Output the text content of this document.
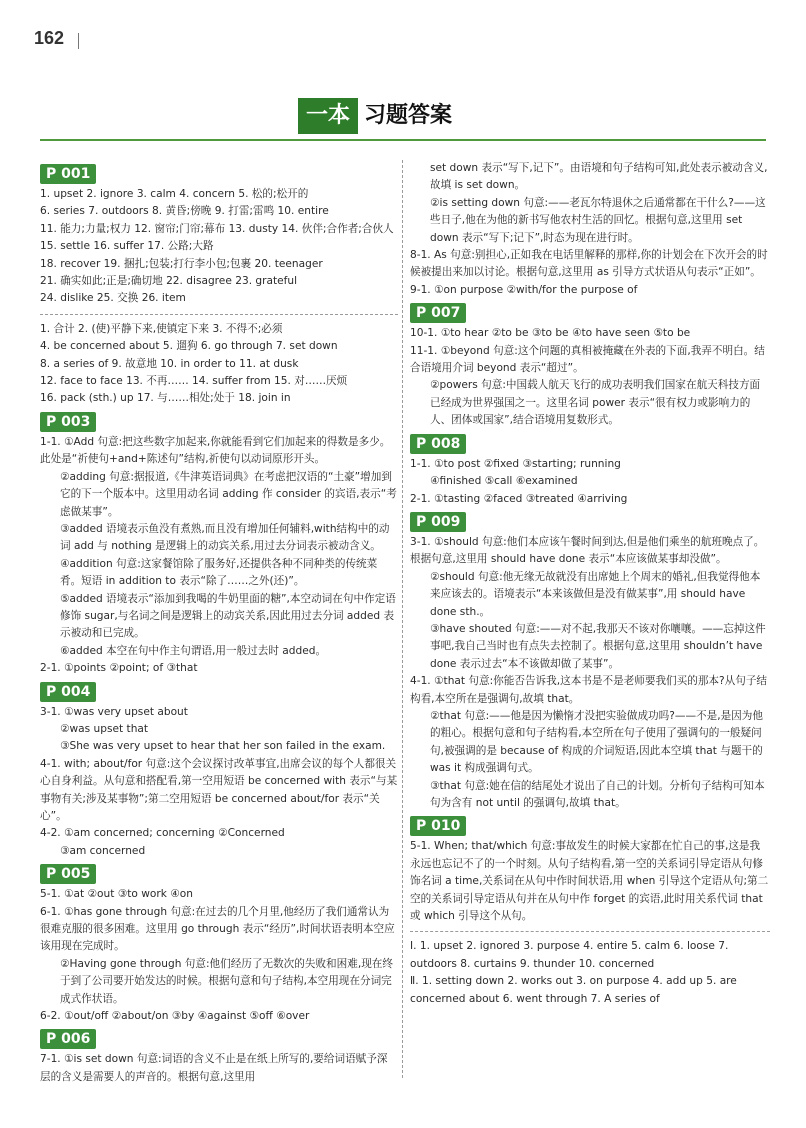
162
一本 习题答案
P 001
1. upset 2. ignore 3. calm 4. concern 5. 松的;松开的
6. series 7. outdoors 8. 黄昏;傍晚 9. 打雷;雷鸣 10. entire
11. 能力;力量;权力 12. 窗帘;门帘;幕布 13. dusty 14. 伙伴;合作者;合伙人 15. settle 16. suffer 17. 公路;大路
18. recover 19. 捆扎;包装;打行李小包;包裹 20. teenager
21. 确实如此;正是;确切地 22. disagree 23. grateful
24. dislike 25. 交换 26. item
1. 合计 2. (使)平静下来,使镇定下来 3. 不得不;必须
4. be concerned about 5. 遛狗 6. go through 7. set down
8. a series of 9. 故意地 10. in order to 11. at dusk
12. face to face 13. 不再…… 14. suffer from 15. 对……厌烦
16. pack (sth.) up 17. 与……相处;处于 18. join in
P 003
1-1. ①Add 句意:把这些数字加起来,你就能看到它们加起来的得数是多少。此处是“祈使句+and+陈述句”结构,祈使句以动词原形开头。
②adding 句意:据报道,《牛津英语词典》在考虑把汉语的“土豪”增加到它的下一个版本中。这里用动名词 adding 作 consider 的宾语,表示“考虑做某事”。
③added 语境表示鱼没有煮熟,而且没有增加任何辅料,with结构中的动词 add 与 nothing 是逻辑上的动宾关系,用过去分词表示被动含义。
④addition 句意:这家餐馆除了服务好,还提供各种不同种类的传统菜肴。短语 in addition to 表示“除了……之外(还)”。
⑤added 语境表示“添加到我喝的牛奶里面的糖”,本空动词在句中作定语修饰 sugar,与名词之间是逻辑上的动宾关系,因此用过去分词 added 表示被动和已完成。
⑥added 本空在句中作主句谓语,用一般过去时 added。
2-1. ①points ②point; of ③that
P 004
3-1. ①was very upset about
②was upset that
③She was very upset to hear that her son failed in the exam.
4-1. with; about/for 句意:这个会议探讨改革事宜,出席会议的每个人都很关心自身利益。从句意和搭配看,第一空用短语 be concerned with 表示“与某事物有关;涉及某事物”;第二空用短语 be concerned about/for 表示“关心”。
4-2. ①am concerned; concerning ②Concerned
③am concerned
P 005
5-1. ①at ②out ③to work ④on
6-1. ①has gone through 句意:在过去的几个月里,他经历了我们通常认为很难克服的很多困难。这里用 go through 表示“经历”,时间状语表明本空应该用现在完成时。
②Having gone through 句意:他们经历了无数次的失败和困难,现在终于到了公司要开始发达的时候。根据句意和句子结构,本空用现在分词完成式作状语。
6-2. ①out/off ②about/on ③by ④against ⑤off ⑥over
P 006
7-1. ①is set down 句意:词语的含义不止是在纸上所写的,要给词语赋予深层的含义是需要人的声音的。根据句意,这里用
set down 表示“写下,记下”。由语境和句子结构可知,此处表示被动含义,故填 is set down。
②is setting down 句意:——老瓦尔特退休之后通常都在干什么?——这些日子,他在为他的新书写他农村生活的回忆。根据句意,这里用 set down 表示“写下;记下”,时态为现在进行时。
8-1. As 句意:别担心,正如我在电话里解释的那样,你的计划会在下次开会的时候被提出来加以讨论。根据句意,这里用 as 引导方式状语从句表示“正如”。
9-1. ①on purpose ②with/for the purpose of
P 007
10-1. ①to hear ②to be ③to be ④to have seen ⑤to be
11-1. ①beyond 句意:这个问题的真相被掩藏在外表的下面,我弄不明白。结合语境用介词 beyond 表示“超过”。
②powers 句意:中国载人航天飞行的成功表明我们国家在航天科技方面已经成为世界强国之一。这里名词 power 表示“很有权力或影响力的人、团体或国家”,结合语境用复数形式。
P 008
1-1. ①to post ②fixed ③starting; running
④finished ⑤call ⑥examined
2-1. ①tasting ②faced ③treated ④arriving
P 009
3-1. ①should 句意:他们本应该午餐时间到达,但是他们乘坐的航班晚点了。根据句意,这里用 should have done 表示“本应该做某事却没做”。
②should 句意:他无缘无故就没有出席她上个周末的婚礼,但我觉得他本来应该去的。语境表示“本来该做但是没有做某事”,用 should have done sth.。
③have shouted 句意:——对不起,我那天不该对你嚷嚷。——忘掉这件事吧,我自己当时也有点失去控制了。根据句意,这里用 shouldn’t have done 表示过去“本不该做却做了某事”。
4-1. ①that 句意:你能否告诉我,这本书是不是老师要我们买的那本?从句子结构看,本空所在是强调句,故填 that。
②that 句意:——他是因为懒惰才没把实验做成功吗?——不是,是因为他的粗心。根据句意和句子结构看,本空所在句子使用了强调句的一般疑问句,被强调的是 because of 构成的介词短语,因此本空填 that 与题干的 was it 构成强调句式。
③that 句意:她在信的结尾处才说出了自己的计划。分析句子结构可知本句为含有 not until 的强调句,故填 that。
P 010
5-1. When; that/which 句意:事故发生的时候大家都在忙自己的事,这是我永远也忘记不了的一个时刻。从句子结构看,第一空的关系词引导定语从句修饰名词 a time,关系词在从句中作时间状语,用 when 引导这个定语从句;第二空的关系词引导定语从句并在从句中作 forget 的宾语,此时用关系代词 that 或 which 引导这个从句。
Ⅰ. 1. upset 2. ignored 3. purpose 4. entire 5. calm 6. loose 7. outdoors 8. curtains 9. thunder 10. concerned
Ⅱ. 1. setting down 2. works out 3. on purpose 4. add up 5. are concerned about 6. went through 7. A series of
